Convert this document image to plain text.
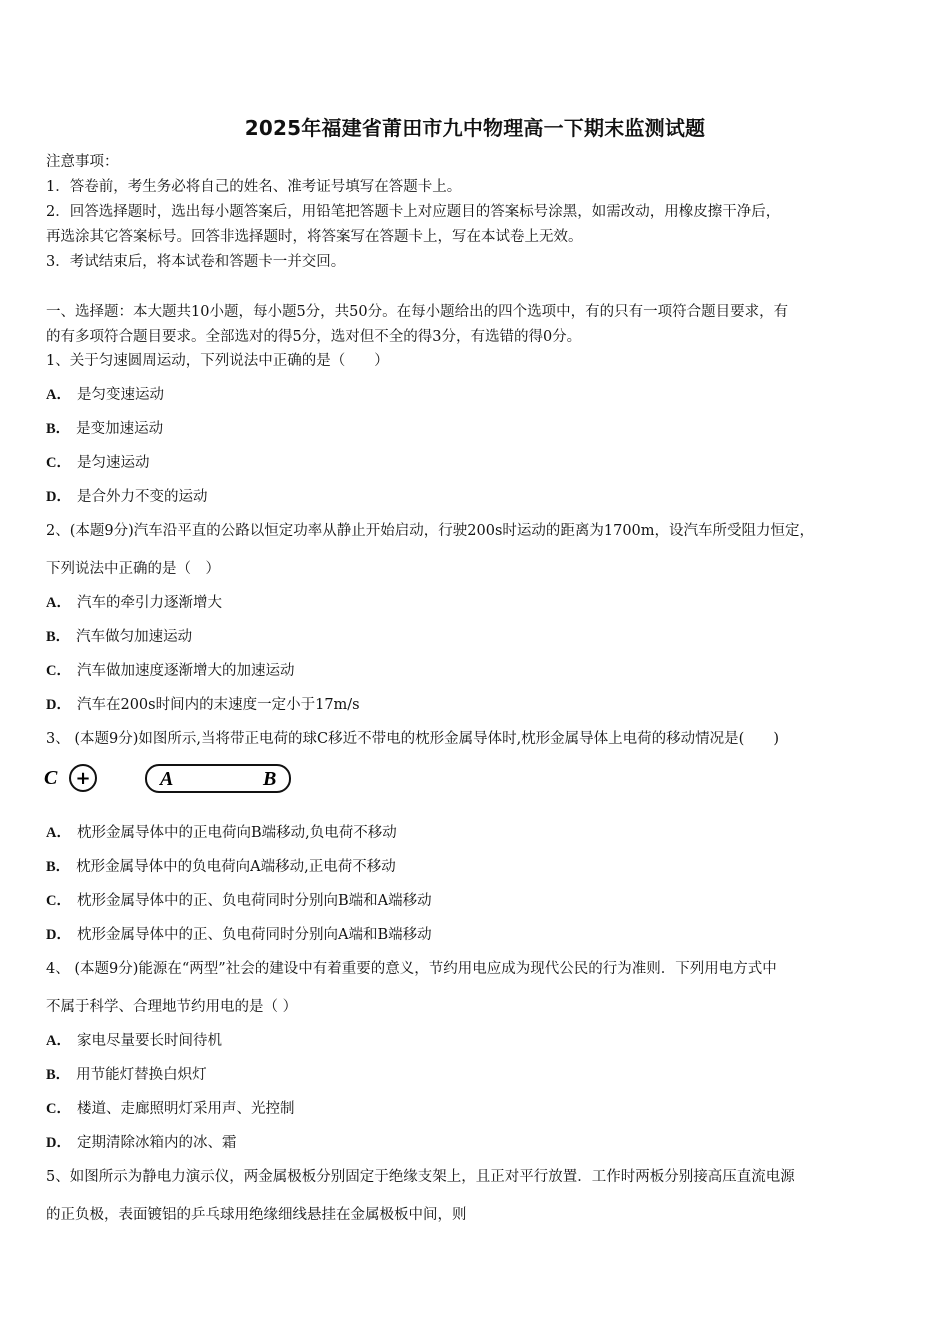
2025年福建省莆田市九中物理高一下期末监测试题
注意事项：
1．答卷前，考生务必将自己的姓名、准考证号填写在答题卡上。
2．回答选择题时，选出每小题答案后，用铅笔把答题卡上对应题目的答案标号涂黑，如需改动，用橡皮擦干净后，
再选涂其它答案标号。回答非选择题时，将答案写在答题卡上，写在本试卷上无效。
3．考试结束后，将本试卷和答题卡一并交回。
一、选择题：本大题共10小题，每小题5分，共50分。在每小题给出的四个选项中，有的只有一项符合题目要求，有
的有多项符合题目要求。全部选对的得5分，选对但不全的得3分，有选错的得0分。
1、关于匀速圆周运动，下列说法中正确的是（　　）
A． 是匀变速运动
B． 是变加速运动
C． 是匀速运动
D． 是合外力不变的运动
2、(本题9分)汽车沿平直的公路以恒定功率从静止开始启动，行驶200s时运动的距离为1700m，设汽车所受阻力恒定，
下列说法中正确的是（　）
A． 汽车的牵引力逐渐增大
B． 汽车做匀加速运动
C． 汽车做加速度逐渐增大的加速运动
D． 汽车在200s时间内的末速度一定小于17m/s
3、 (本题9分)如图所示,当将带正电荷的球C移近不带电的枕形金属导体时,枕形金属导体上电荷的移动情况是(　　)
C +	A	B
A． 枕形金属导体中的正电荷向B端移动,负电荷不移动
B． 枕形金属导体中的负电荷向A端移动,正电荷不移动
C． 枕形金属导体中的正、负电荷同时分别向B端和A端移动
D． 枕形金属导体中的正、负电荷同时分别向A端和B端移动
4、 (本题9分)能源在“两型”社会的建设中有着重要的意义，节约用电应成为现代公民的行为准则．下列用电方式中
不属于科学、合理地节约用电的是（ ）
A． 家电尽量要长时间待机
B． 用节能灯替换白炽灯
C． 楼道、走廊照明灯采用声、光控制
D． 定期清除冰箱内的冰、霜
5、如图所示为静电力演示仪，两金属极板分别固定于绝缘支架上，且正对平行放置．工作时两板分别接高压直流电源
的正负极，表面镀铝的乒乓球用绝缘细线悬挂在金属极板中间，则
